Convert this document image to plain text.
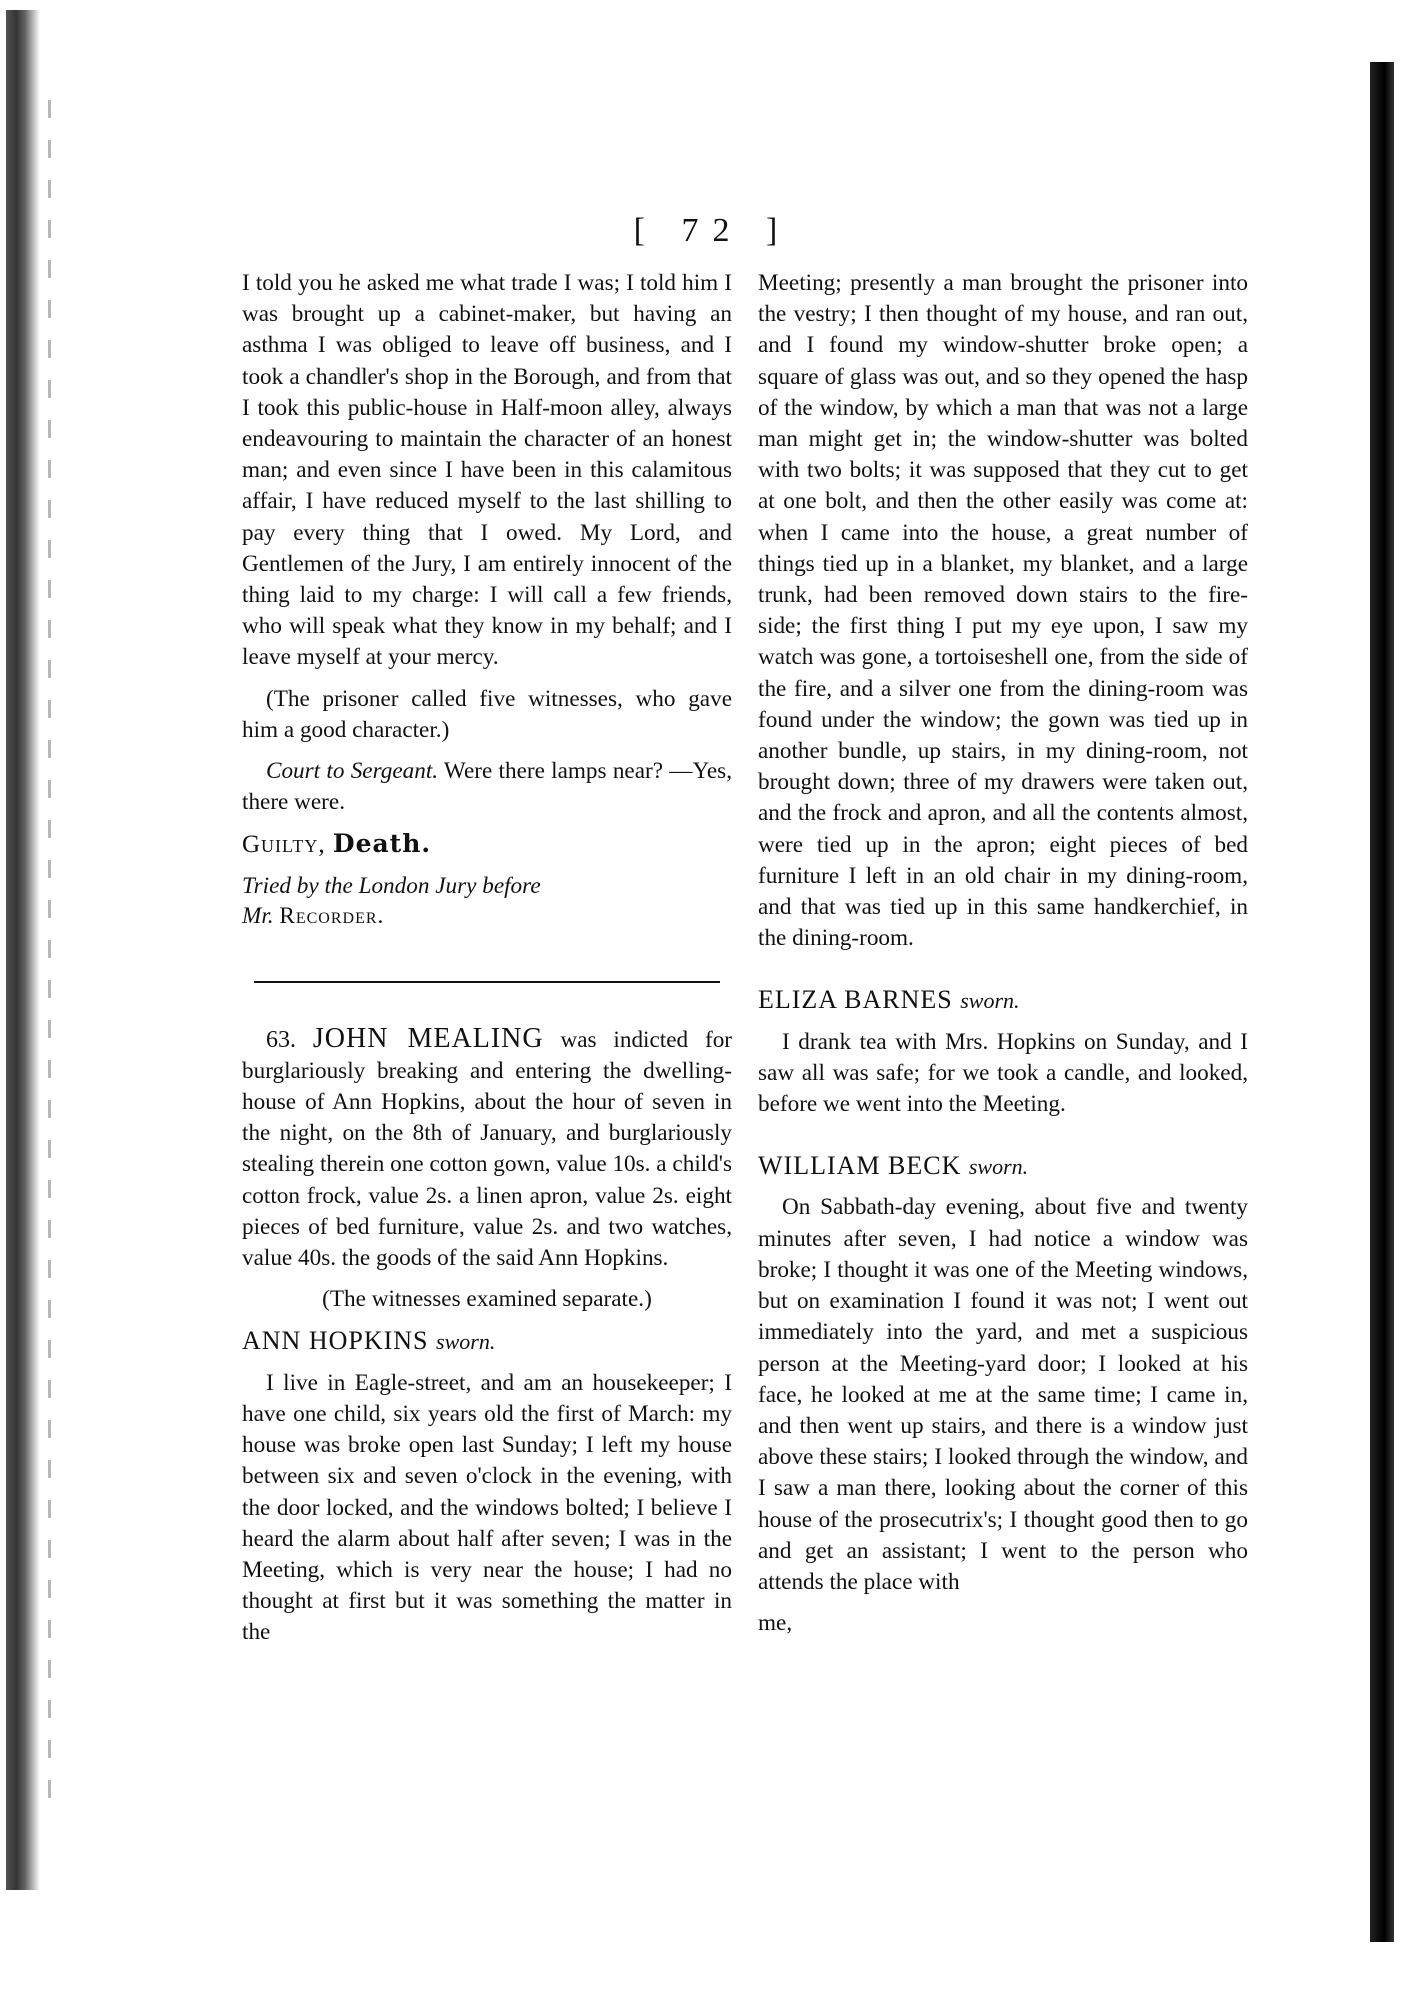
[ 72 ]

I told you he asked me what trade I was; I told him I was brought up a cabinet-maker, but having an asthma I was obliged to leave off business, and I took a chandler's shop in the Borough, and from that I took this public-house in Half-moon alley, always endeavouring to maintain the character of an honest man; and even since I have been in this calamitous affair, I have reduced myself to the last shilling to pay every thing that I owed. My Lord, and Gentlemen of the Jury, I am entirely innocent of the thing laid to my charge: I will call a few friends, who will speak what they know in my behalf; and I leave myself at your mercy.

(The prisoner called five witnesses, who gave him a good character.)

Court to Sergeant. Were there lamps near? —Yes, there were.

Guilty, Death.

Tried by the London Jury before
Mr. Recorder.

63. JOHN MEALING was indicted for burglariously breaking and entering the dwelling-house of Ann Hopkins, about the hour of seven in the night, on the 8th of January, and burglariously stealing therein one cotton gown, value 10s. a child's cotton frock, value 2s. a linen apron, value 2s. eight pieces of bed furniture, value 2s. and two watches, value 40s. the goods of the said Ann Hopkins.

(The witnesses examined separate.)

ANN HOPKINS sworn.

I live in Eagle-street, and am an housekeeper; I have one child, six years old the first of March: my house was broke open last Sunday; I left my house between six and seven o'clock in the evening, with the door locked, and the windows bolted; I believe I heard the alarm about half after seven; I was in the Meeting, which is very near the house; I had no thought at first but it was something the matter in the

Meeting; presently a man brought the prisoner into the vestry; I then thought of my house, and ran out, and I found my window-shutter broke open; a square of glass was out, and so they opened the hasp of the window, by which a man that was not a large man might get in; the window-shutter was bolted with two bolts; it was supposed that they cut to get at one bolt, and then the other easily was come at: when I came into the house, a great number of things tied up in a blanket, my blanket, and a large trunk, had been removed down stairs to the fire-side; the first thing I put my eye upon, I saw my watch was gone, a tortoiseshell one, from the side of the fire, and a silver one from the dining-room was found under the window; the gown was tied up in another bundle, up stairs, in my dining-room, not brought down; three of my drawers were taken out, and the frock and apron, and all the contents almost, were tied up in the apron; eight pieces of bed furniture I left in an old chair in my dining-room, and that was tied up in this same handkerchief, in the dining-room.

ELIZA BARNES sworn.

I drank tea with Mrs. Hopkins on Sunday, and I saw all was safe; for we took a candle, and looked, before we went into the Meeting.

WILLIAM BECK sworn.

On Sabbath-day evening, about five and twenty minutes after seven, I had notice a window was broke; I thought it was one of the Meeting windows, but on examination I found it was not; I went out immediately into the yard, and met a suspicious person at the Meeting-yard door; I looked at his face, he looked at me at the same time; I came in, and then went up stairs, and there is a window just above these stairs; I looked through the window, and I saw a man there, looking about the corner of this house of the prosecutrix's; I thought good then to go and get an assistant; I went to the person who attends the place with

me,
